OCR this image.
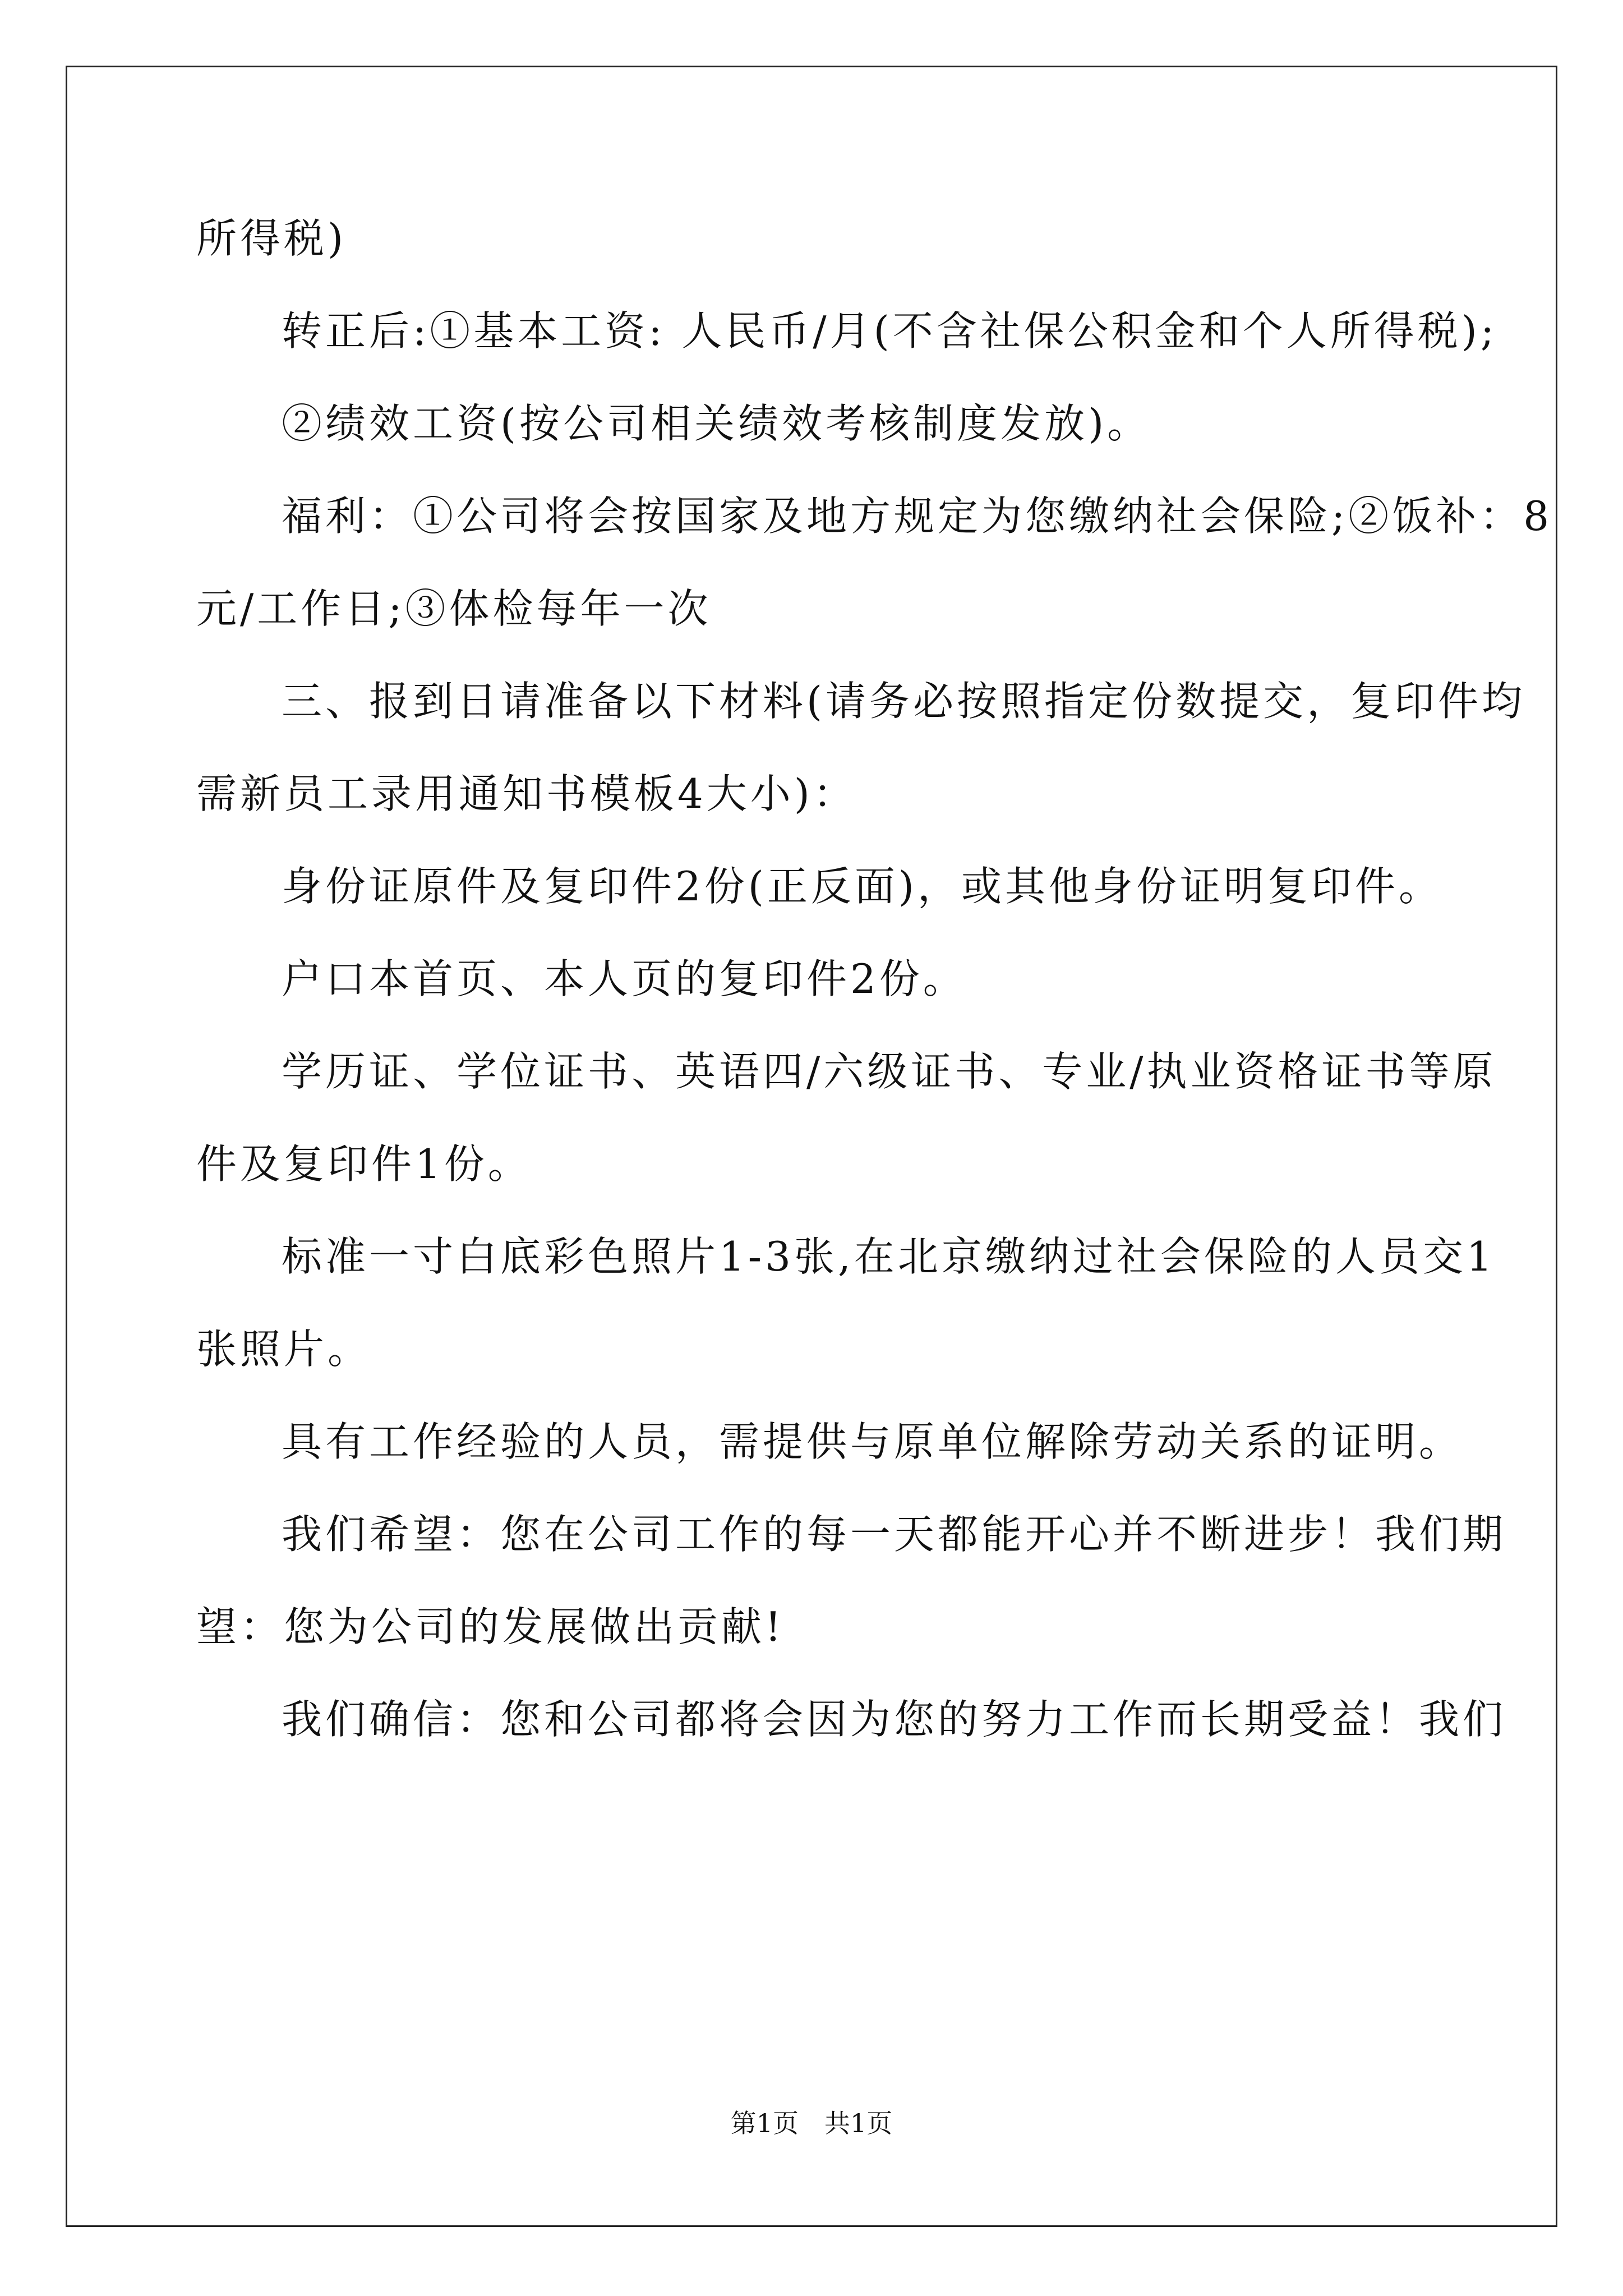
所得税)
转正后:①基本工资: 人民币/月(不含社保公积金和个人所得税);
②绩效工资(按公司相关绩效考核制度发放)。
福利：①公司将会按国家及地方规定为您缴纳社会保险;②饭补：8
元/工作日;③体检每年一次
三、报到日请准备以下材料(请务必按照指定份数提交，复印件均
需新员工录用通知书模板4大小)：
身份证原件及复印件2份(正反面)，或其他身份证明复印件。
户口本首页、本人页的复印件2份。
学历证、学位证书、英语四/六级证书、专业/执业资格证书等原
件及复印件1份。
标准一寸白底彩色照片1-3张,在北京缴纳过社会保险的人员交1
张照片。
具有工作经验的人员，需提供与原单位解除劳动关系的证明。
我们希望：您在公司工作的每一天都能开心并不断进步！我们期
望：您为公司的发展做出贡献!
我们确信：您和公司都将会因为您的努力工作而长期受益！我们
第1页　共1页
